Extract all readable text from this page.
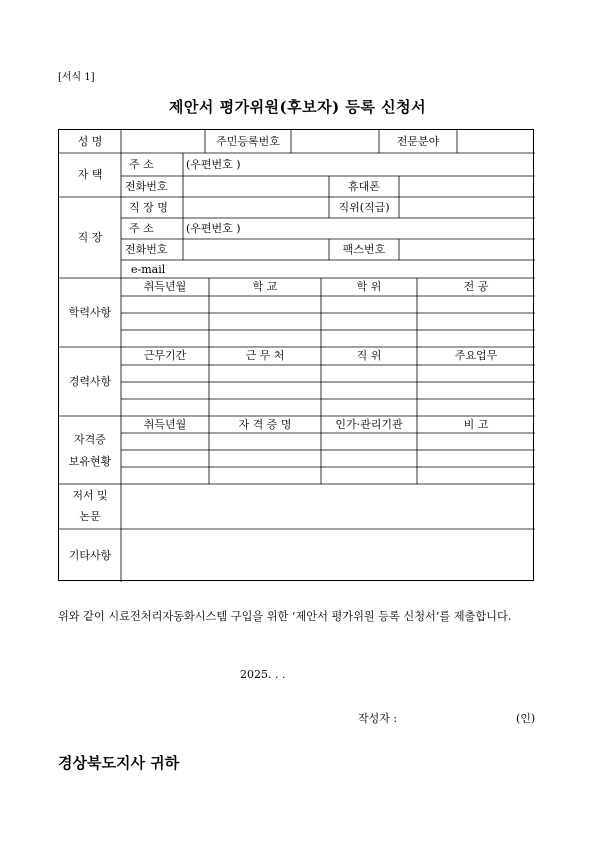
[서식 1]
제안서 평가위원(후보자) 등록 신청서
성 명	주민등록번호	전문분야
자 택
주 소	(우편번호 )
전화번호	휴대폰
직 장
직 장 명	직위(직급)
주 소	(우편번호 )
전화번호	팩스번호
e-mail
학력사항
취득년월	학 교	학 위	전 공
경력사항
근무기간	근 무 처	직 위	주요업무
자격증
보유현황
취득년월	자 격 증 명	인가·관리기관	비 고
저서 및
논문
기타사항
위와 같이 시료전처리자동화시스템 구입을 위한 ‘제안서 평가위원 등록 신청서’를 제출합니다.
2025. . .
작성자 :	(인)
경상북도지사 귀하
